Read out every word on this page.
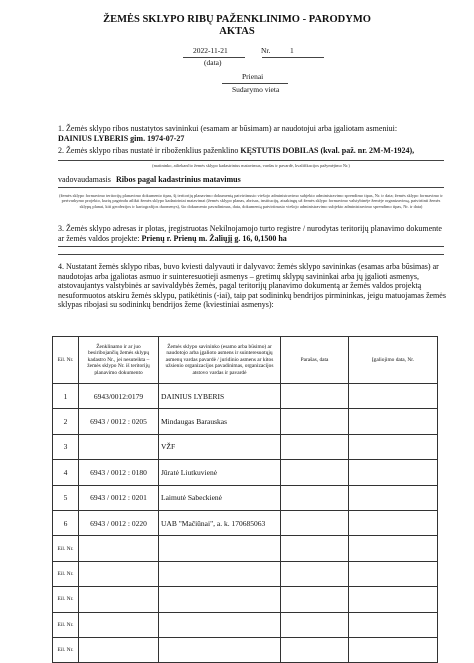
ŽEMĖS SKLYPO RIBŲ PAŽENKLINIMO - PARODYMO
AKTAS
2022-11-21	Nr.	1
(data)
Prienai
Sudarymo vieta
1. Žemės sklypo ribos nustatytos savininkui (esamam ar būsimam) ar naudotojui arba įgaliotam asmeniui:
DAINIUS LYBERIS gim. 1974-07-27
2. Žemės sklypo ribas nustatė ir riboženklius paženklino KĘSTUTIS DOBILAS (kval. paž. nr. 2M-M-1924),
(matininko, atliekančio žemės sklypo kadastrinius matavimus, vardas ir pavardė, kvalifikacijos pažymėjimo Nr.)
vadovaudamasis Ribos pagal kadastrinius matavimus
(žemės sklypo formavimo teritorijų planavimo dokumento tipas, šį teritorijų planavimo dokumentą patvirtinusio viešojo administravimo subjekto administravimo sprendimo tipas, Nr. ir data; žemės sklypo formavimo ir pertvarkymo projekto, kurių pagrindu atlikti žemės sklypo kadastriniai matavimai (žemės sklypo planas, abrisas, institucijų, atsakingų už žemės sklypo formavimo valstybinėje žemėje organizavimą, patvirtinti žemės sklypų planai, kiti geodezijos ir kartografijos duomenys), šio dokumento pavadinimas, data, dokumentą patvirtinusio viešojo administravimo subjekto administravimo sprendimo tipas, Nr. ir data)
3. Žemės sklypo adresas ir plotas, įregistruotas Nekilnojamojo turto registre / nurodytas teritorijų planavimo dokumente ar žemės valdos projekte: Prienų r. Prienų m. Žaliųjį g. 16, 0,1500 ha
4. Nustatant žemės sklypo ribas, buvo kviesti dalyvauti ir dalyvavo: žemės sklypo savininkas (esamas arba būsimas) ar naudotojas arba įgaliotas asmuo ir suinteresuotieji asmenys – gretimų sklypų savininkai arba jų įgalioti asmenys, atstovaujantys valstybinės ar savivaldybės žemės, pagal teritorijų planavimo dokumentą ar žemės valdos projektą nesuformuotos atskiru žemės sklypu, patikėtinis (-iai), taip pat sodininkų bendrijos pirmininkas, jeigu matuojamas žemės sklypas ribojasi su sodininkų bendrijos žeme (kviestiniai asmenys):
Eil. Nr.	Ženklinamo ir ar juo besiribojančių žemės sklypų kadastro Nr., jei nesuteikta – žemės sklypo Nr. iš teritorijų planavimo dokumento	Žemės sklypo savininko (esamo arba būsimo) ar naudotojo arba įgalioto asmens ir suinteresuotųjų asmenų vardas pavardė / juridinio asmens ar kitos užsienio organizacijos pavadinimas, organizacijos atstovo vardas ir pavardė	Parašas, data	Įgaliojimo data, Nr.
1	6943/0012:0179	DAINIUS LYBERIS		
2	6943 / 0012 : 0205	Mindaugas Barauskas		
3		VŽF		
4	6943 / 0012 : 0180	Jūratė Liutkuvienė		
5	6943 / 0012 : 0201	Laimutė Sabeckienė		
6	6943 / 0012 : 0220	UAB "Mačiūnai", a. k. 170685063		
Eil. Nr.				
Eil. Nr.				
Eil. Nr.				
Eil. Nr.				
Eil. Nr.				
